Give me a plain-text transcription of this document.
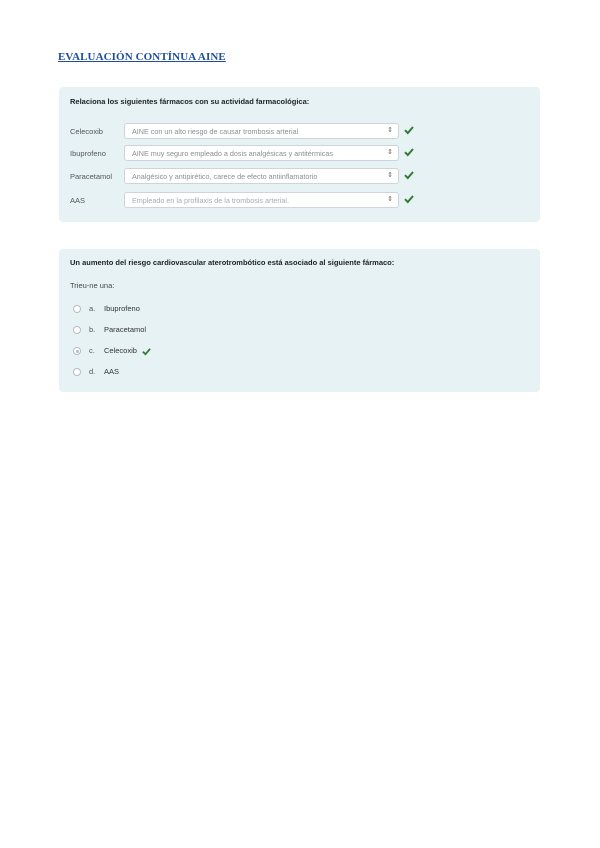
EVALUACIÓN CONTÍNUA AINE
Relaciona los siguientes fármacos con su actividad farmacológica:
Celecoxib	AINE con un alto riesgo de causar trombosis arterial	⇕
Ibuprofeno	AINE muy seguro empleado a dosis analgésicas y antitérmicas	⇕
Paracetamol	Analgésico y antipirético, carece de efecto antiinflamatorio	⇕
AAS	Empleado en la profilaxis de la trombosis arterial.	⇕
Un aumento del riesgo cardiovascular aterotrombótico está asociado al siguiente fármaco:
Trieu-ne una:
a. Ibuprofeno
b. Paracetamol
c. Celecoxib
d. AAS
